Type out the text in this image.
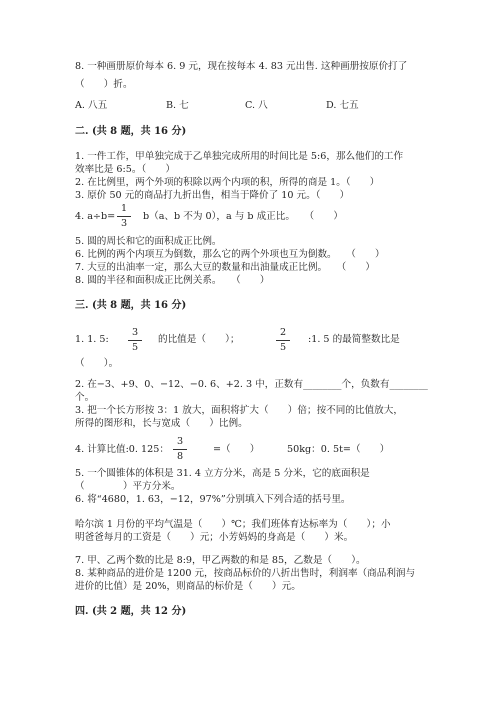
8. 一种画册原价每本 6. 9 元，现在按每本 4. 83 元出售. 这种画册按原价打了
（　　）折。
A. 八五	B. 七	C. 八	D. 七五
二. (共 8 题，共 16 分)
1. 一件工作，甲单独完成于乙单独完成所用的时间比是 5:6，那么他们的工作
效率比是 6:5。（　　）
2. 在比例里，两个外项的积除以两个内项的积，所得的商是 1。（　　）
3. 原价 50 元的商品打九折出售，相当于降价了 10 元。（　　）
4. a÷b=
1
3
b（a、b 不为 0），a 与 b 成正比。　　（　　）
5. 圆的周长和它的面积成正比例。
6. 比例的两个内项互为倒数，那么它的两个外项也互为倒数。　　（　　）
7. 大豆的出油率一定，那么大豆的数量和出油量成正比例。　　（　　）
8. 圆的半径和面积成正比例关系。　　（　　）
三. (共 8 题，共 16 分)
1. 1. 5:
3
5
的比值是（　　）；
2
5
:1. 5 的最简整数比是
（　　）。
2. 在−3、+9、0、−12、−0. 6、+2. 3 中，正数有________个，负数有________
个。
3. 把一个长方形按 3：1 放大，面积将扩大（　　）倍；按不同的比值放大，
所得的图形和，长与宽成（　　）比例。
4. 计算比值:0. 125：
3
8
=（　　）	50kg：0. 5t=（　　）
5. 一个圆锥体的体积是 31. 4 立方分米，高是 5 分米，它的底面积是
（　　　　）平方分米。
6. 将“4680，1. 63，−12，97%”分别填入下列合适的括号里。
哈尔滨 1 月份的平均气温是（　　）℃；我们班体育达标率为（　　）；小
明爸爸每月的工资是（　　）元；小芳妈妈的身高是（　　）米。
7. 甲、乙两个数的比是 8:9，甲乙两数的和是 85，乙数是（　　）。
8. 某种商品的进价是 1200 元，按商品标价的八折出售时，利润率（商品利润与
进价的比值）是 20%，则商品的标价是（　　）元。
四. (共 2 题，共 12 分)
